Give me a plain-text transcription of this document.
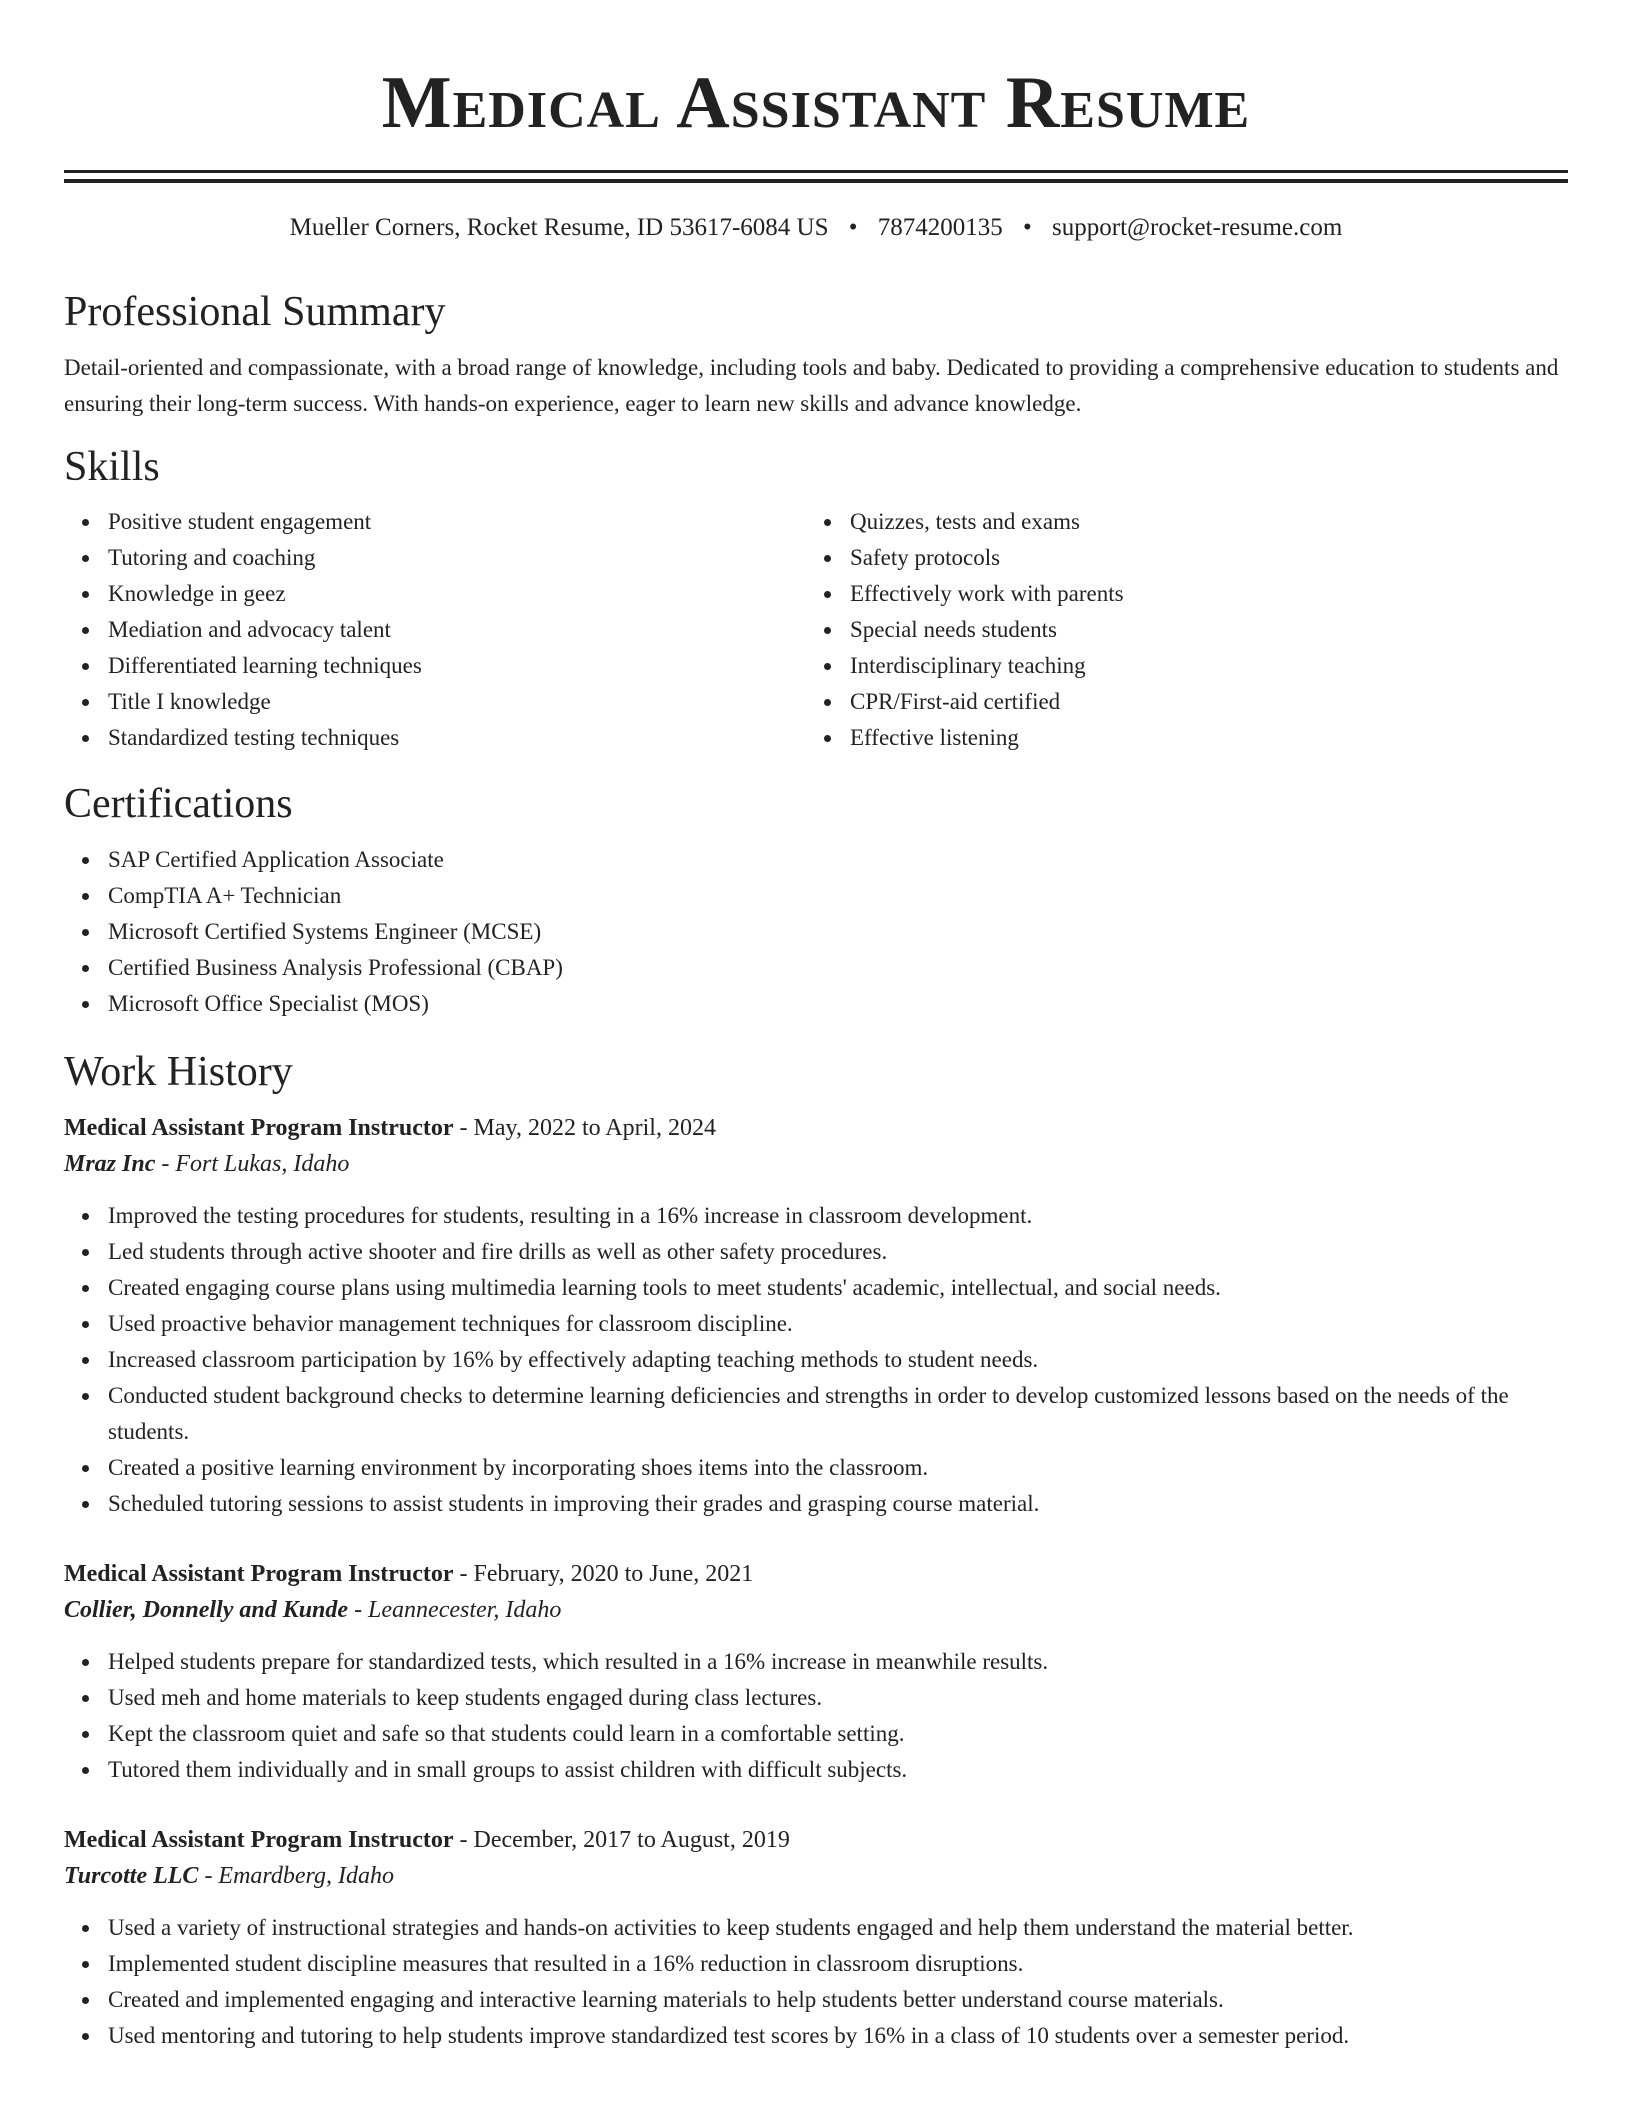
Medical Assistant Resume
Mueller Corners, Rocket Resume, ID 53617-6084 US • 7874200135 • support@rocket-resume.com
Professional Summary

Detail-oriented and compassionate, with a broad range of knowledge, including tools and baby. Dedicated to providing a comprehensive education to students and ensuring their long-term success. With hands-on experience, eager to learn new skills and advance knowledge.

Skills
Positive student engagement
Tutoring and coaching
Knowledge in geez
Mediation and advocacy talent
Differentiated learning techniques
Title I knowledge
Standardized testing techniques
Quizzes, tests and exams
Safety protocols
Effectively work with parents
Special needs students
Interdisciplinary teaching
CPR/First-aid certified
Effective listening
Certifications
SAP Certified Application Associate
CompTIA A+ Technician
Microsoft Certified Systems Engineer (MCSE)
Certified Business Analysis Professional (CBAP)
Microsoft Office Specialist (MOS)
Work History

Medical Assistant Program Instructor - May, 2022 to April, 2024

Mraz Inc - Fort Lukas, Idaho

Improved the testing procedures for students, resulting in a 16% increase in classroom development.
Led students through active shooter and fire drills as well as other safety procedures.
Created engaging course plans using multimedia learning tools to meet students' academic, intellectual, and social needs.
Used proactive behavior management techniques for classroom discipline.
Increased classroom participation by 16% by effectively adapting teaching methods to student needs.
Conducted student background checks to determine learning deficiencies and strengths in order to develop customized lessons based on the needs of the students.
Created a positive learning environment by incorporating shoes items into the classroom.
Scheduled tutoring sessions to assist students in improving their grades and grasping course material.

Medical Assistant Program Instructor - February, 2020 to June, 2021

Collier, Donnelly and Kunde - Leannecester, Idaho

Helped students prepare for standardized tests, which resulted in a 16% increase in meanwhile results.
Used meh and home materials to keep students engaged during class lectures.
Kept the classroom quiet and safe so that students could learn in a comfortable setting.
Tutored them individually and in small groups to assist children with difficult subjects.

Medical Assistant Program Instructor - December, 2017 to August, 2019

Turcotte LLC - Emardberg, Idaho

Used a variety of instructional strategies and hands-on activities to keep students engaged and help them understand the material better.
Implemented student discipline measures that resulted in a 16% reduction in classroom disruptions.
Created and implemented engaging and interactive learning materials to help students better understand course materials.
Used mentoring and tutoring to help students improve standardized test scores by 16% in a class of 10 students over a semester period.
